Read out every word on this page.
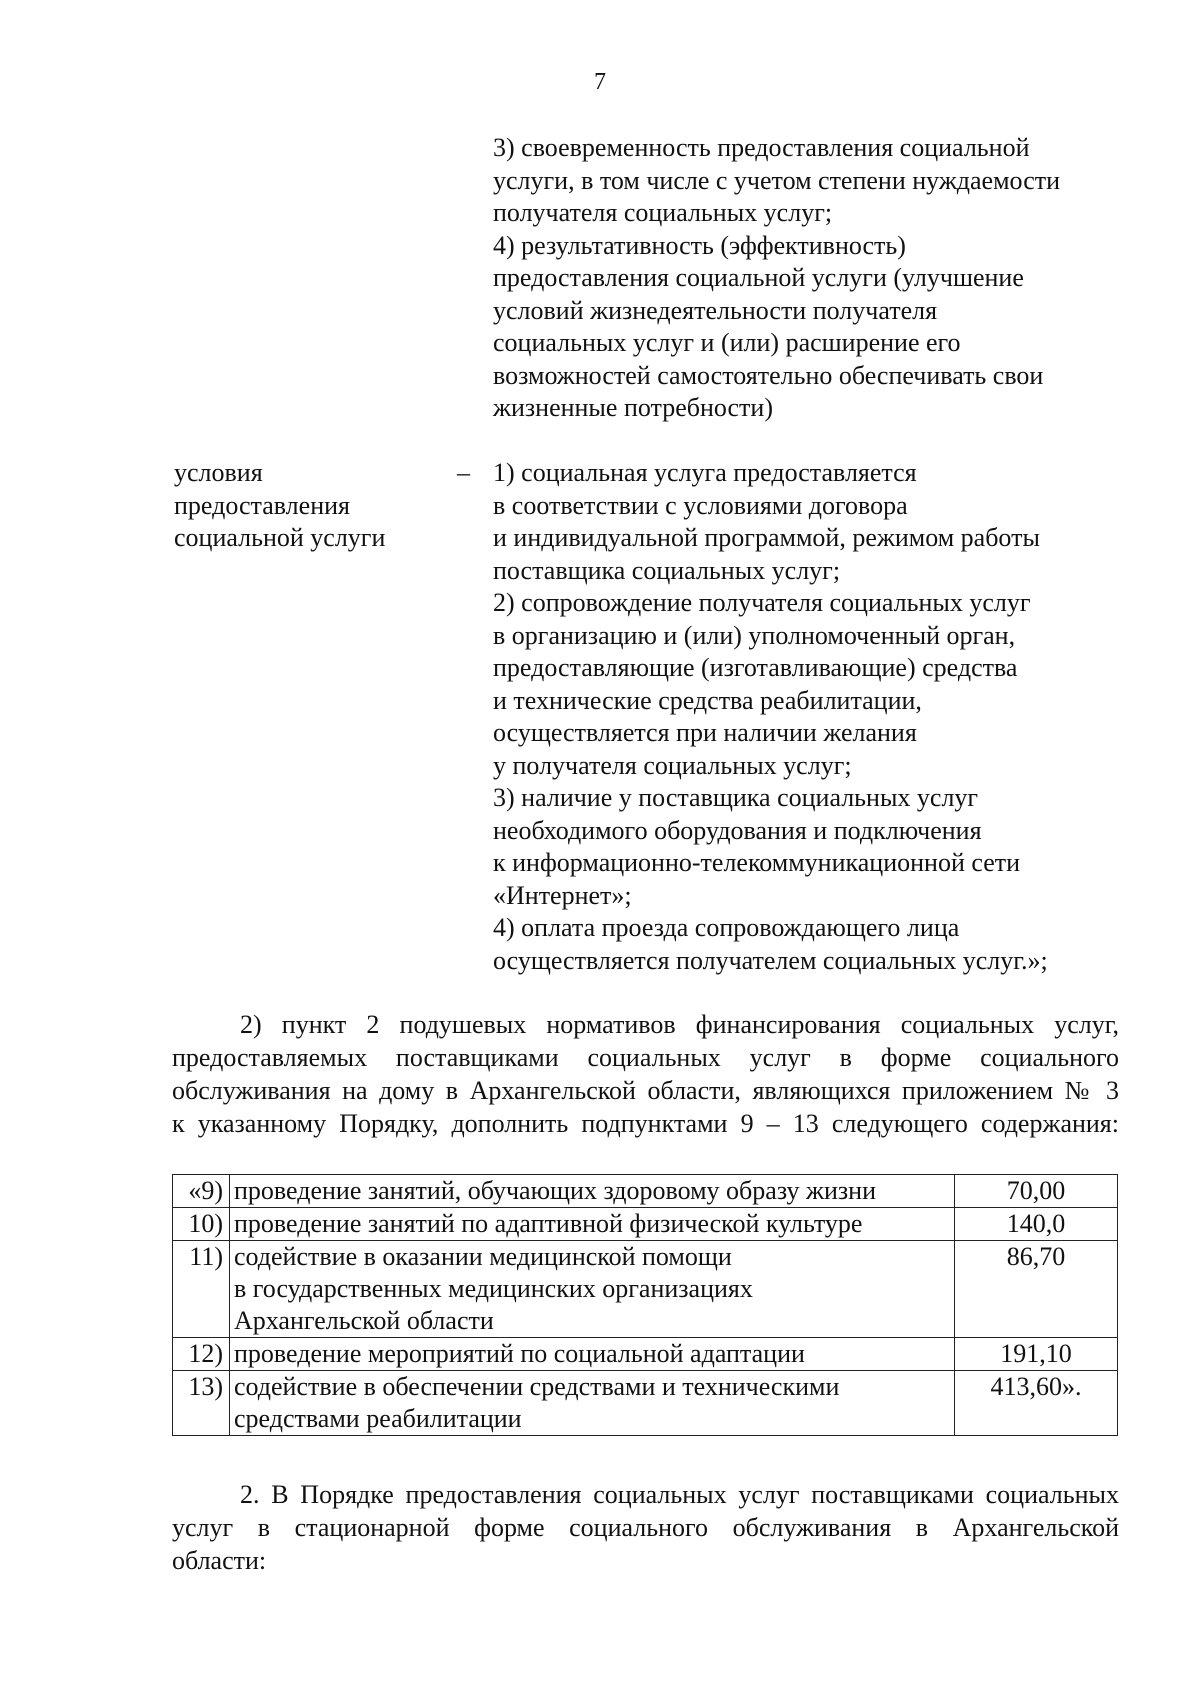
7
3) своевременность предоставления социальной
услуги, в том числе с учетом степени нуждаемости
получателя социальных услуг;
4) результативность (эффективность)
предоставления социальной услуги (улучшение
условий жизнедеятельности получателя
социальных услуг и (или) расширение его
возможностей самостоятельно обеспечивать свои
жизненные потребности)
условия
предоставления
социальной услуги
– 1) социальная услуга предоставляется
в соответствии с условиями договора
и индивидуальной программой, режимом работы
поставщика социальных услуг;
2) сопровождение получателя социальных услуг
в организацию и (или) уполномоченный орган,
предоставляющие (изготавливающие) средства
и технические средства реабилитации,
осуществляется при наличии желания
у получателя социальных услуг;
3) наличие у поставщика социальных услуг
необходимого оборудования и подключения
к информационно-телекоммуникационной сети
«Интернет»;
4) оплата проезда сопровождающего лица
осуществляется получателем социальных услуг.»;
2) пункт 2 подушевых нормативов финансирования социальных услуг,
предоставляемых поставщиками социальных услуг в форме социального
обслуживания на дому в Архангельской области, являющихся приложением № 3
к указанному Порядку, дополнить подпунктами 9 – 13 следующего содержания:
«9)	проведение занятий, обучающих здоровому образу жизни	70,00
10)	проведение занятий по адаптивной физической культуре	140,0
11)	содействие в оказании медицинской помощи
в государственных медицинских организациях
Архангельской области	86,70
12)	проведение мероприятий по социальной адаптации	191,10
13)	содействие в обеспечении средствами и техническими
средствами реабилитации	413,60».
2. В Порядке предоставления социальных услуг поставщиками социальных
услуг в стационарной форме социального обслуживания в Архангельской
области:
